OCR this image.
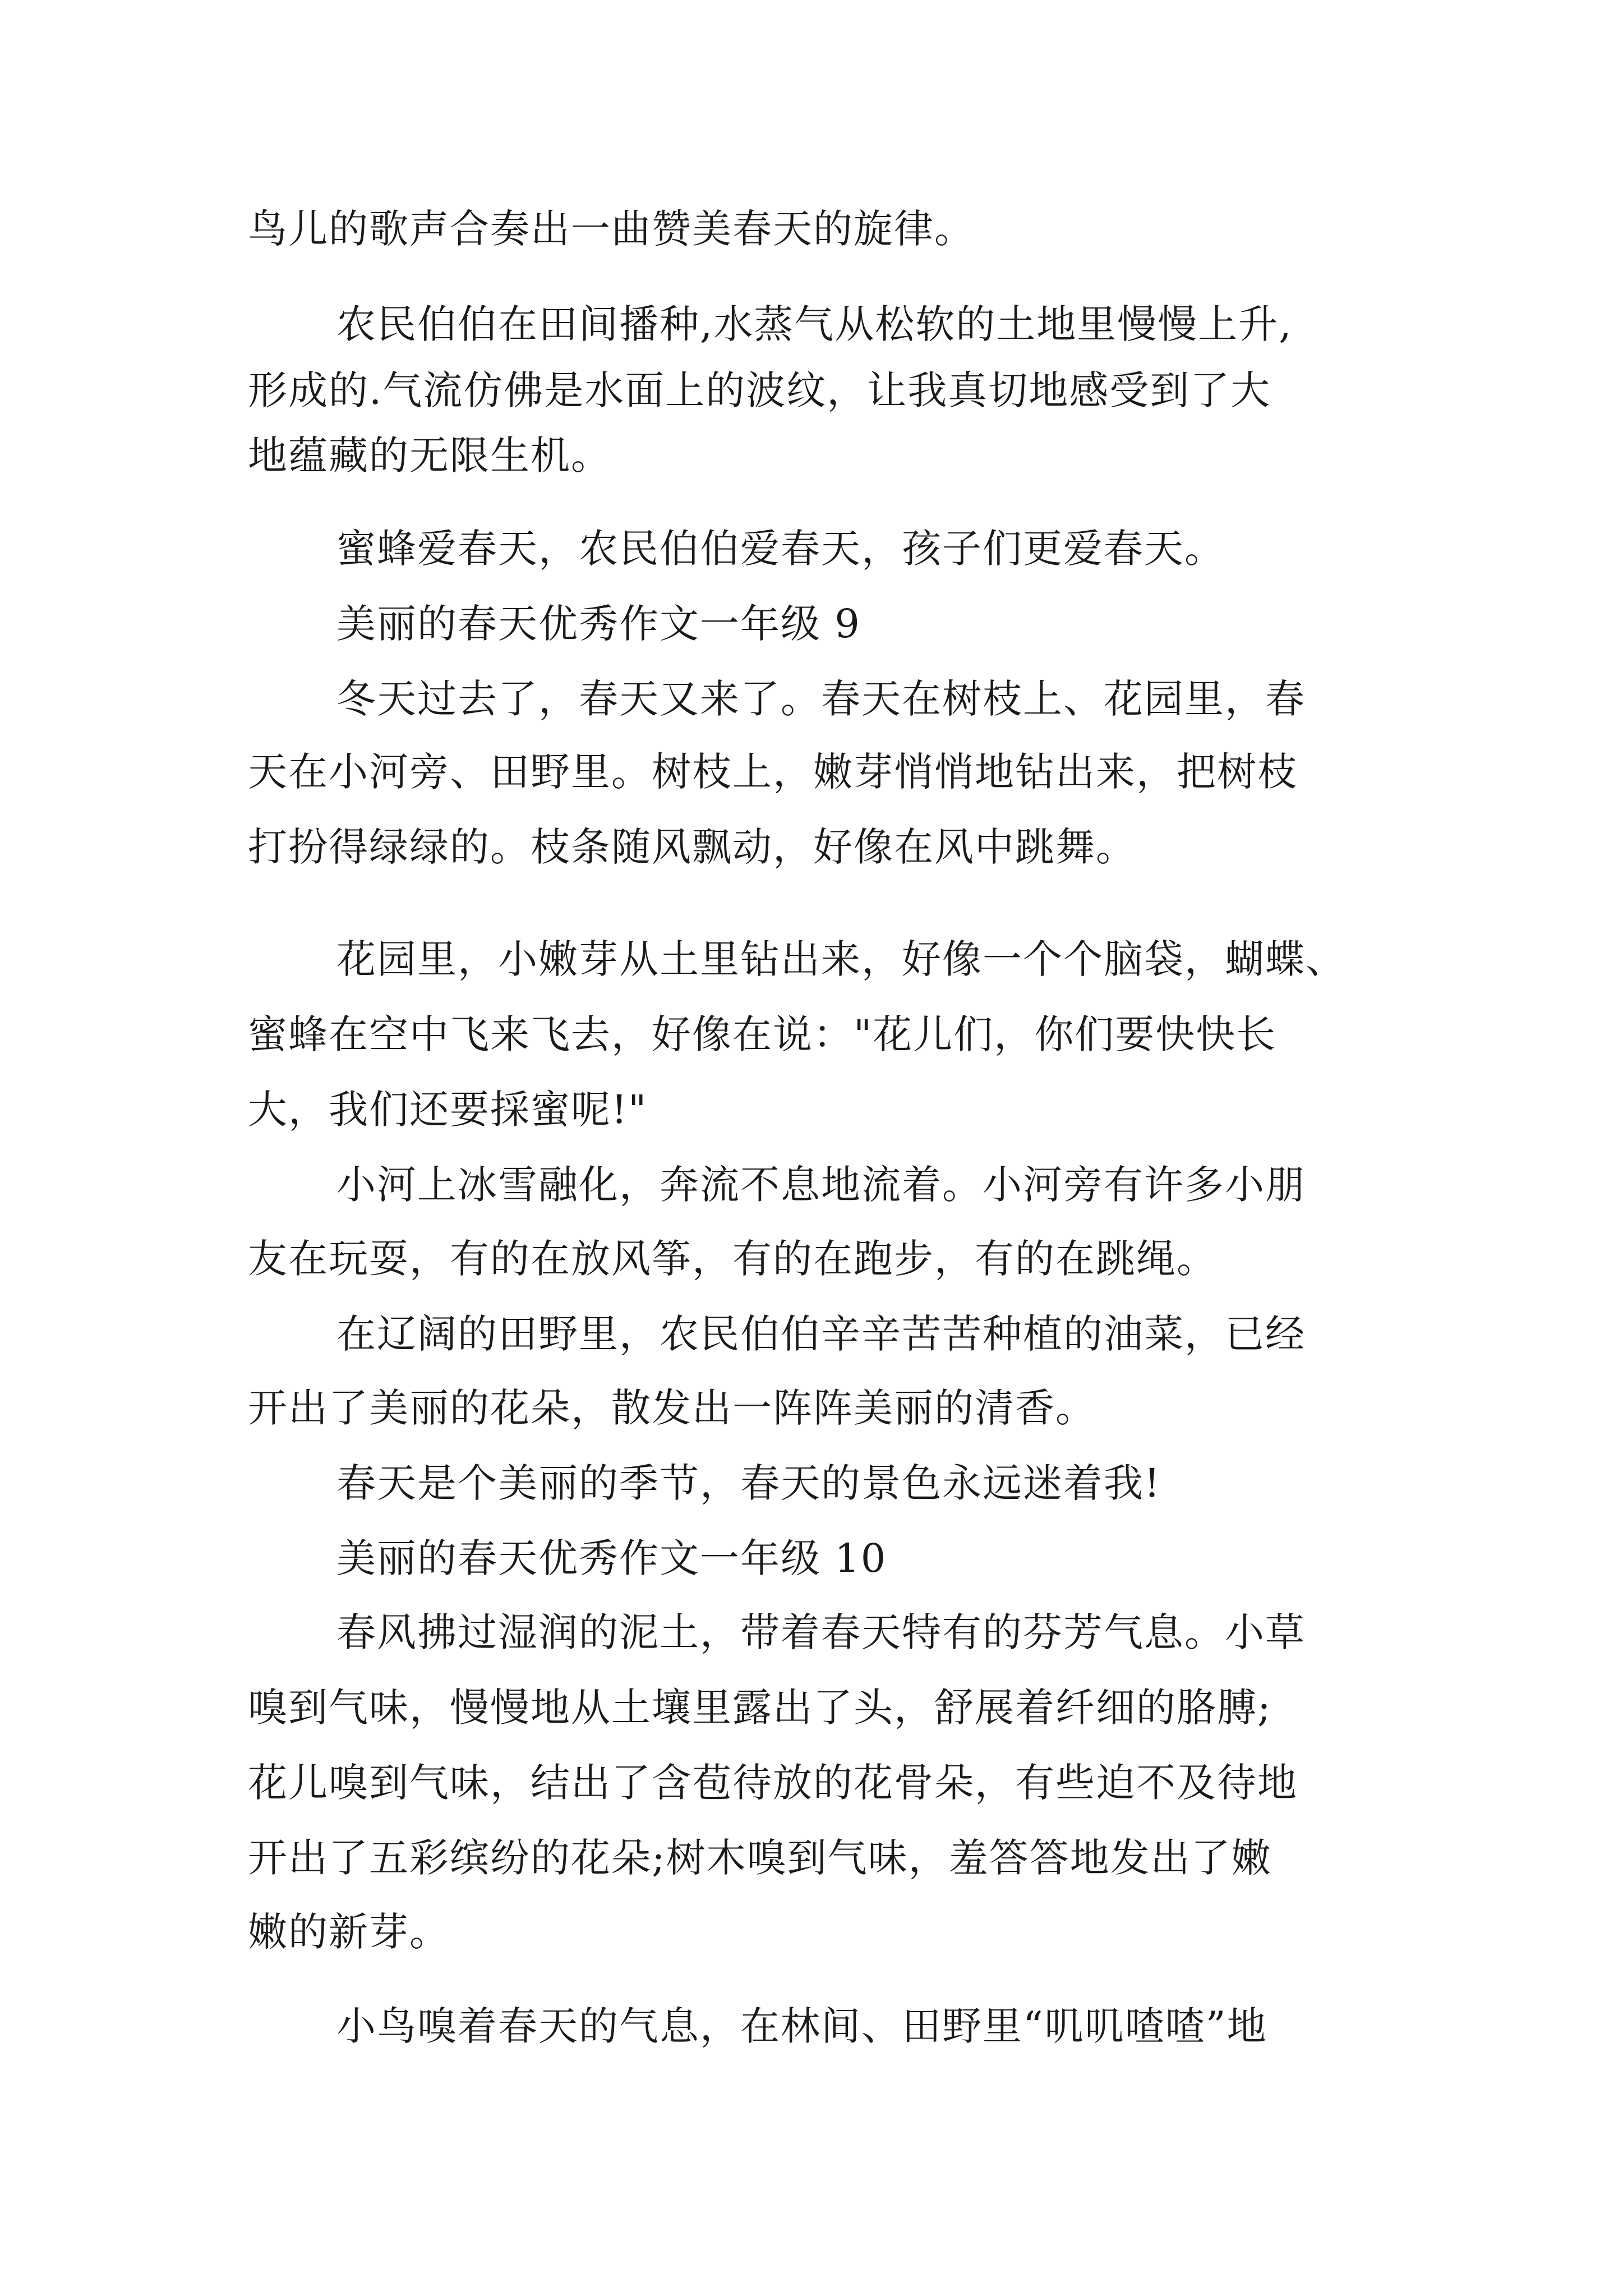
鸟儿的歌声合奏出一曲赞美春天的旋律。

农民伯伯在田间播种,水蒸气从松软的土地里慢慢上升,

形成的.气流仿佛是水面上的波纹，让我真切地感受到了大

地蕴藏的无限生机。

蜜蜂爱春天，农民伯伯爱春天，孩子们更爱春天。

美丽的春天优秀作文一年级 9

冬天过去了，春天又来了。春天在树枝上、花园里，春

天在小河旁、田野里。树枝上，嫩芽悄悄地钻出来，把树枝

打扮得绿绿的。枝条随风飘动，好像在风中跳舞。

花园里，小嫩芽从土里钻出来，好像一个个脑袋，蝴蝶、

蜜蜂在空中飞来飞去，好像在说："花儿们，你们要快快长

大，我们还要採蜜呢!"

小河上冰雪融化，奔流不息地流着。小河旁有许多小朋

友在玩耍，有的在放风筝，有的在跑步，有的在跳绳。

在辽阔的田野里，农民伯伯辛辛苦苦种植的油菜，已经

开出了美丽的花朵，散发出一阵阵美丽的清香。

春天是个美丽的季节，春天的景色永远迷着我!

美丽的春天优秀作文一年级 10

春风拂过湿润的泥土，带着春天特有的芬芳气息。小草

嗅到气味，慢慢地从土壤里露出了头，舒展着纤细的胳膊;

花儿嗅到气味，结出了含苞待放的花骨朵，有些迫不及待地

开出了五彩缤纷的花朵;树木嗅到气味，羞答答地发出了嫩

嫩的新芽。

小鸟嗅着春天的气息，在林间、田野里“叽叽喳喳”地
